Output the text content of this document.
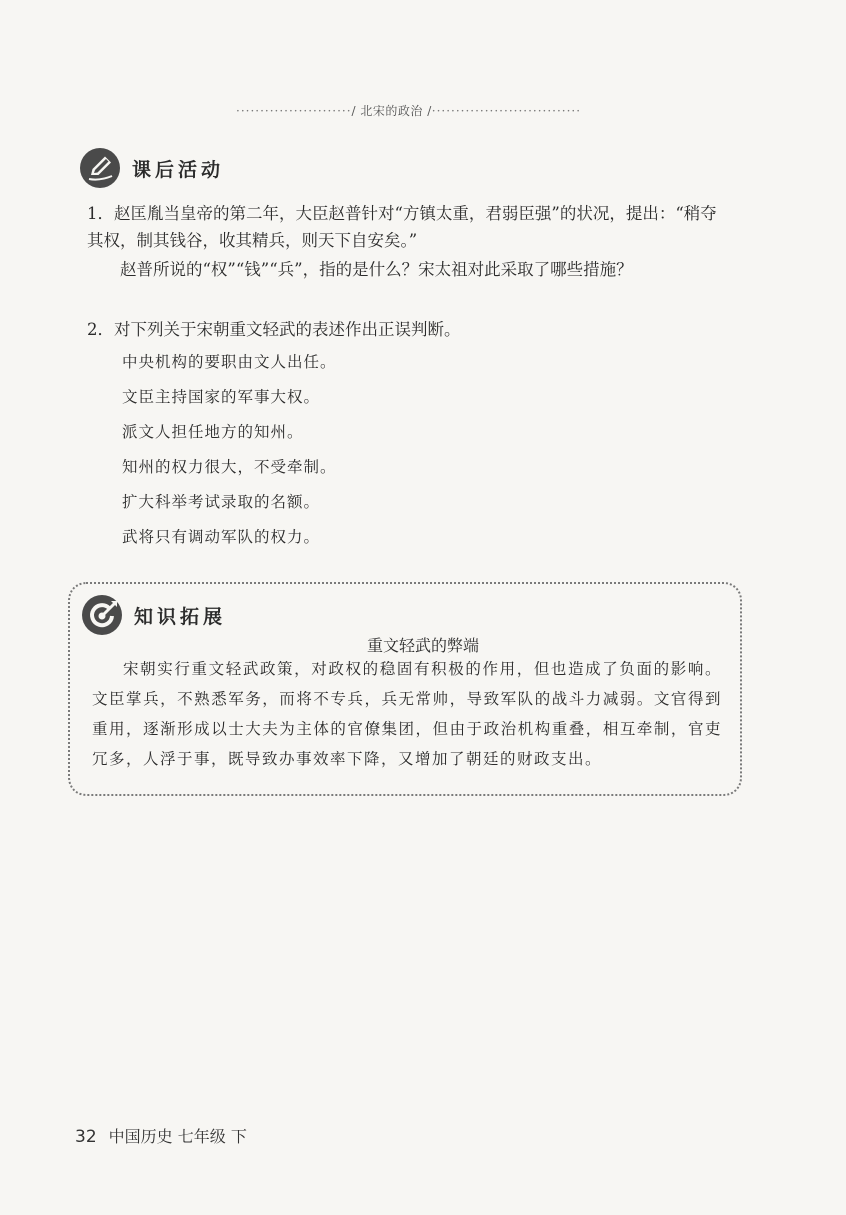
························/ 北宋的政治 /·······························
课后活动
1．赵匡胤当皇帝的第二年，大臣赵普针对“方镇太重，君弱臣强”的状况，提出：“稍夺其权，制其钱谷，收其精兵，则天下自安矣。”
赵普所说的“权”“钱”“兵”，指的是什么？宋太祖对此采取了哪些措施？
2．对下列关于宋朝重文轻武的表述作出正误判断。
中央机构的要职由文人出任。
文臣主持国家的军事大权。
派文人担任地方的知州。
知州的权力很大，不受牵制。
扩大科举考试录取的名额。
武将只有调动军队的权力。
知识拓展
重文轻武的弊端
宋朝实行重文轻武政策，对政权的稳固有积极的作用，但也造成了负面的影响。文臣掌兵，不熟悉军务，而将不专兵，兵无常帅，导致军队的战斗力减弱。文官得到重用，逐渐形成以士大夫为主体的官僚集团，但由于政治机构重叠，相互牵制，官吏冗多，人浮于事，既导致办事效率下降，又增加了朝廷的财政支出。
32 中国历史 七年级 下
